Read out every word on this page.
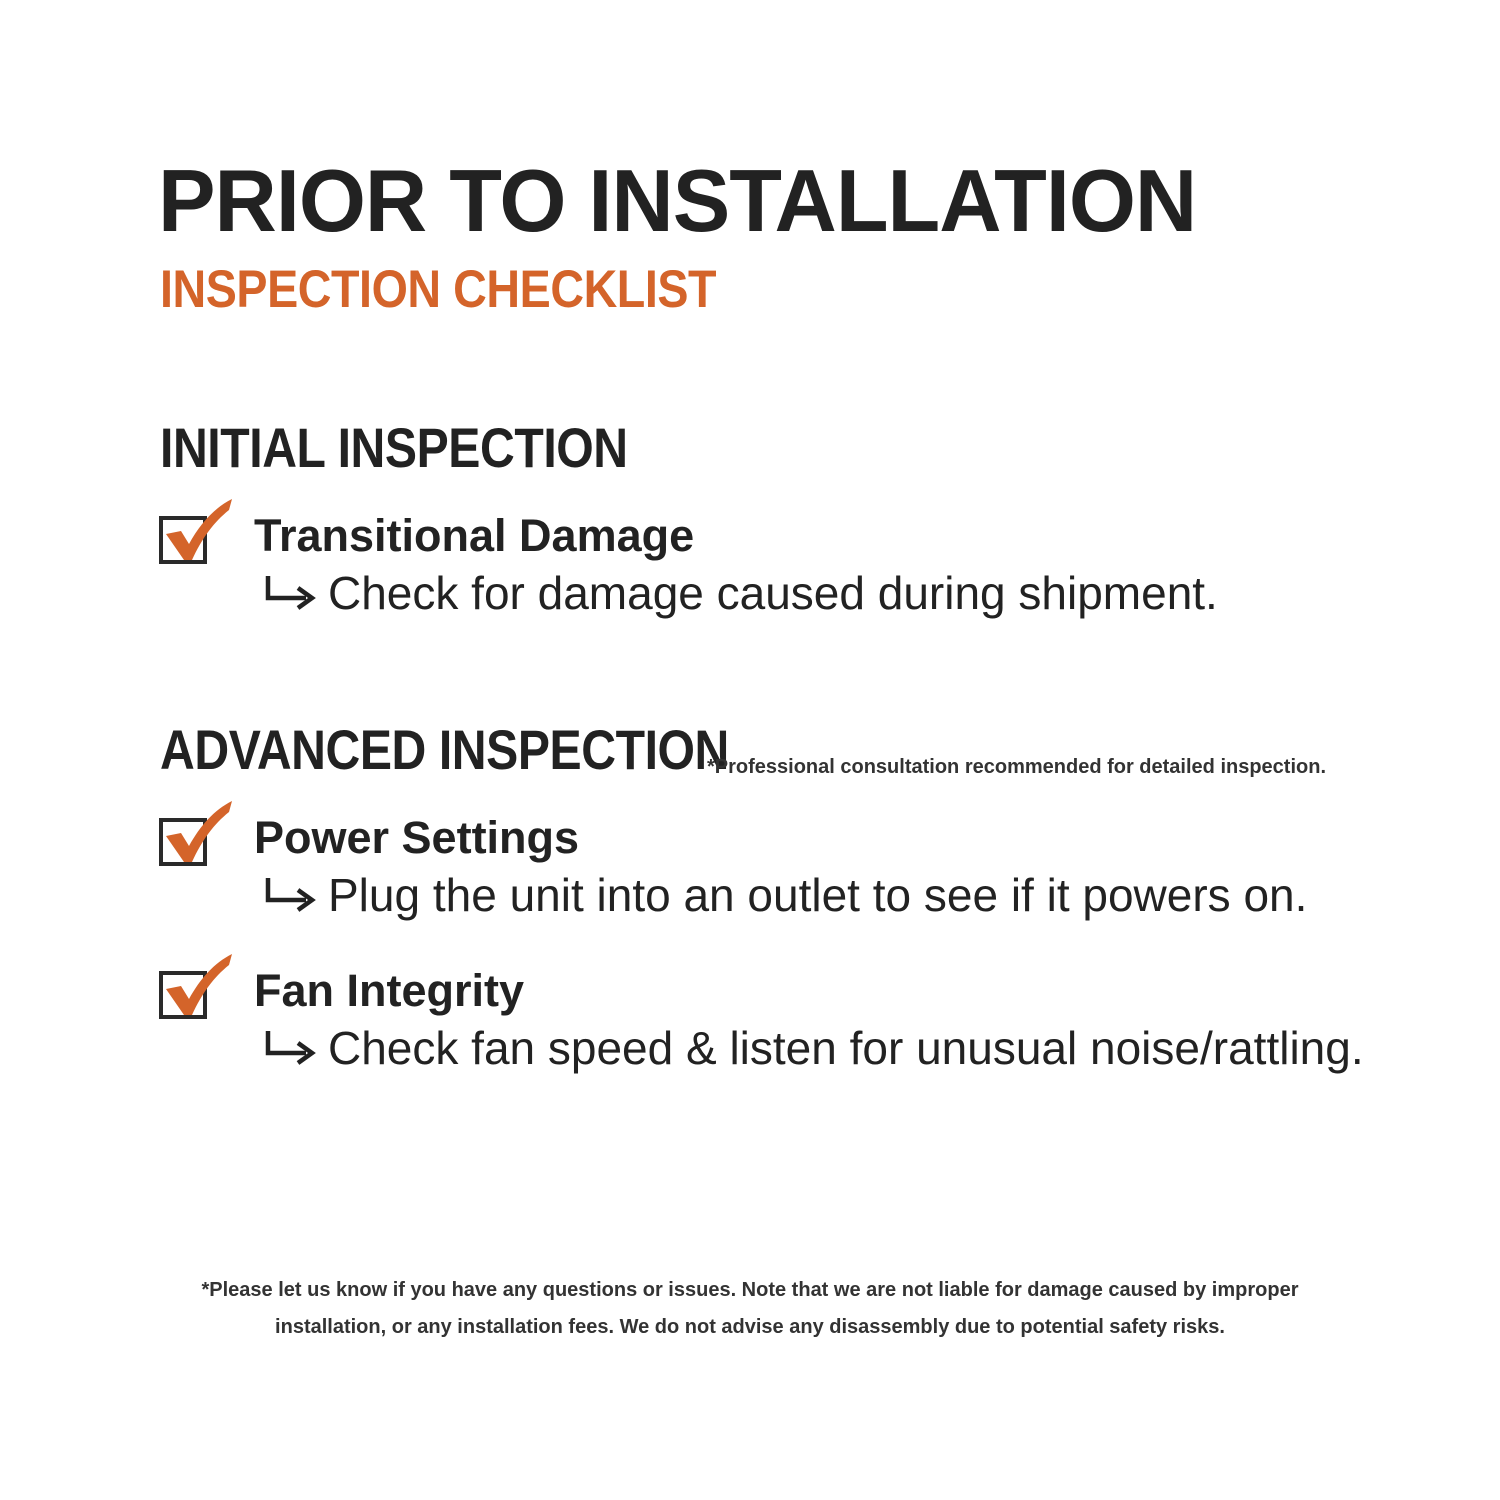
PRIOR TO INSTALLATION
INSPECTION CHECKLIST
INITIAL INSPECTION
Transitional Damage
Check for damage caused during shipment.
ADVANCED INSPECTION
*Professional consultation recommended for detailed inspection.
Power Settings
Plug the unit into an outlet to see if it powers on.
Fan Integrity
Check fan speed & listen for unusual noise/rattling.
*Please let us know if you have any questions or issues. Note that we are not liable for damage caused by improper
installation, or any installation fees. We do not advise any disassembly due to potential safety risks.
